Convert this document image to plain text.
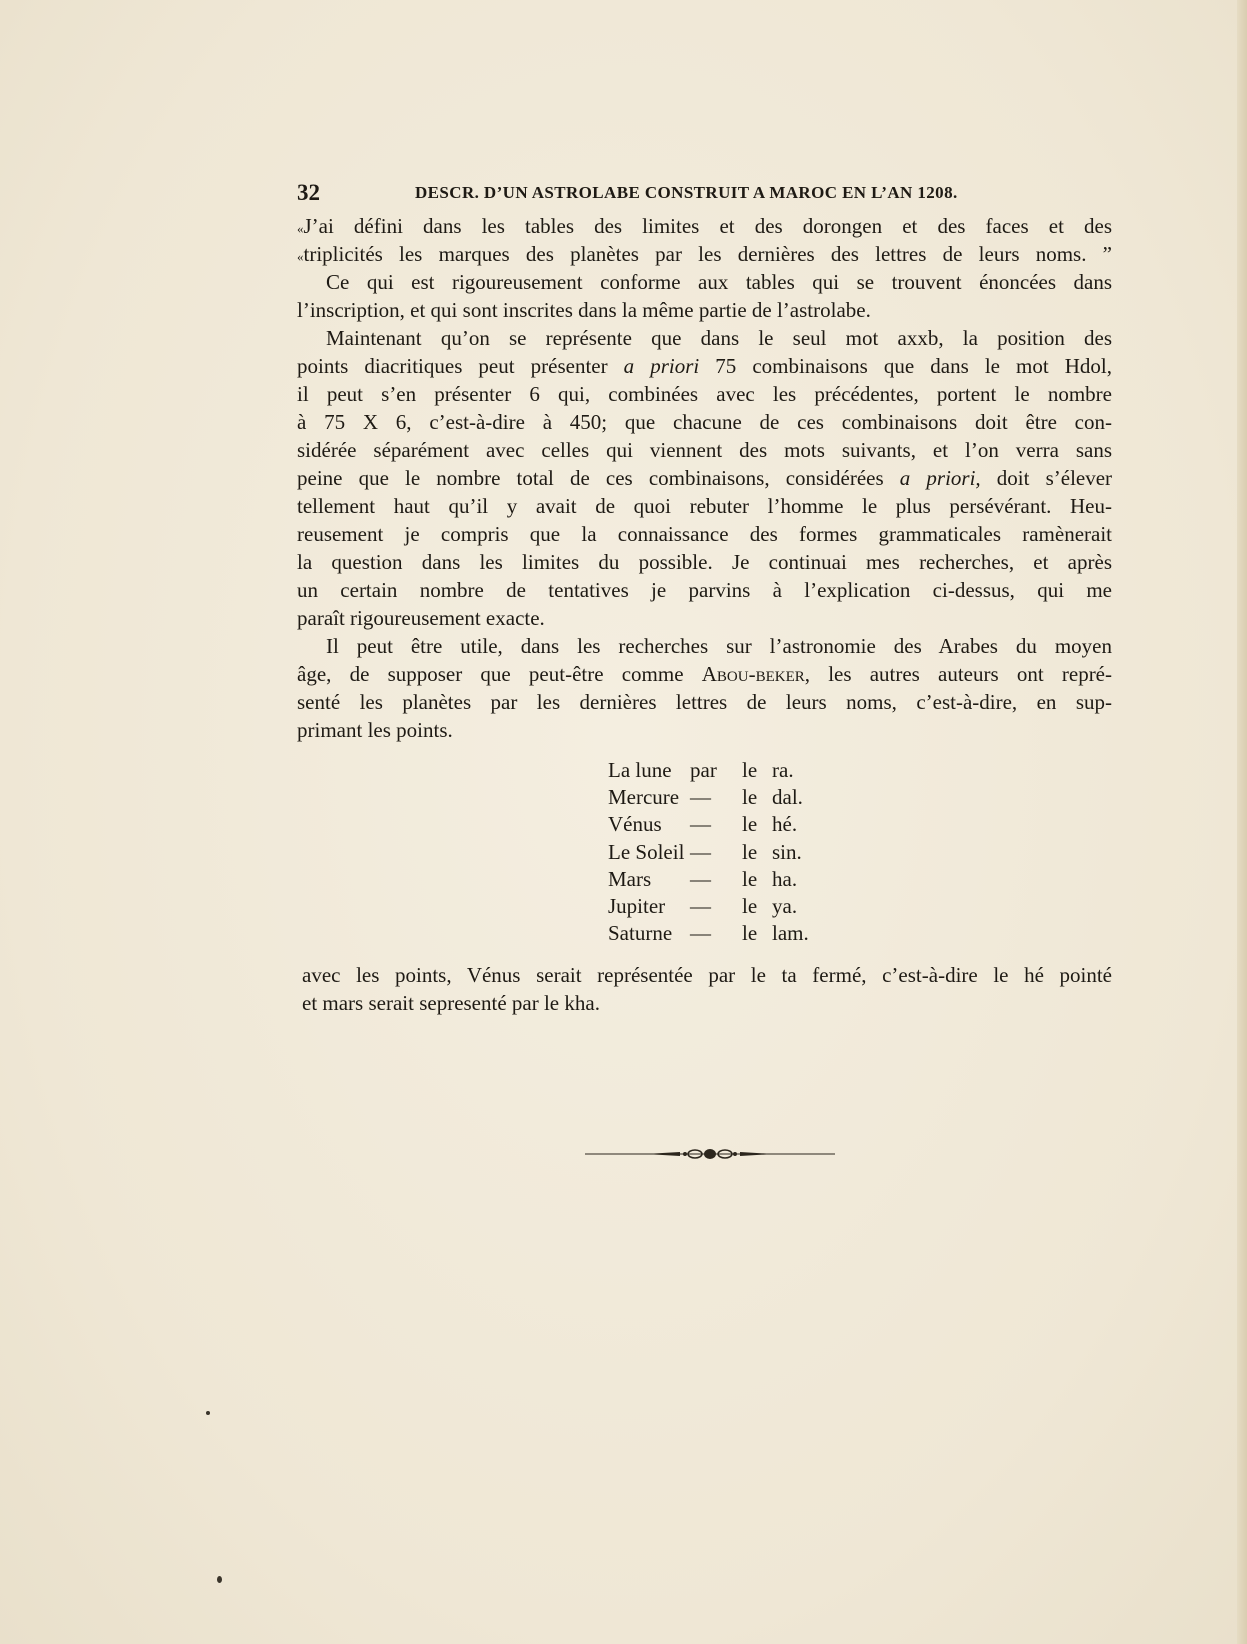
32	DESCR. D’UN ASTROLABE CONSTRUIT A MAROC EN L’AN 1208.
«J’ai défini dans les tables des limites et des dorongen et des faces et des
«triplicités les marques des planètes par les dernières des lettres de leurs noms. ”
Ce qui est rigoureusement conforme aux tables qui se trouvent énoncées dans
l’inscription, et qui sont inscrites dans la même partie de l’astrolabe.
Maintenant qu’on se représente que dans le seul mot axxb, la position des
points diacritiques peut présenter a priori 75 combinaisons que dans le mot Hdol,
il peut s’en présenter 6 qui, combinées avec les précédentes, portent le nombre
à 75 X 6, c’est-à-dire à 450; que chacune de ces combinaisons doit être con-
sidérée séparément avec celles qui viennent des mots suivants, et l’on verra sans
peine que le nombre total de ces combinaisons, considérées a priori, doit s’élever
tellement haut qu’il y avait de quoi rebuter l’homme le plus persévérant. Heu-
reusement je compris que la connaissance des formes grammaticales ramènerait
la question dans les limites du possible. Je continuai mes recherches, et après
un certain nombre de tentatives je parvins à l’explication ci-dessus, qui me
paraît rigoureusement exacte.
Il peut être utile, dans les recherches sur l’astronomie des Arabes du moyen
âge, de supposer que peut-être comme Abou-beker, les autres auteurs ont repré-
senté les planètes par les dernières lettres de leurs noms, c’est-à-dire, en sup-
primant les points.
La lune par	le ra.
Mercure —	le dal.
Vénus	—	le hé.
Le Soleil —	le sin.
Mars	—	le ha.
Jupiter	—	le ya.
Saturne —	le lam.
avec les points, Vénus serait représentée par le ta fermé, c’est-à-dire le hé pointé
et mars serait sepresenté par le kha.
